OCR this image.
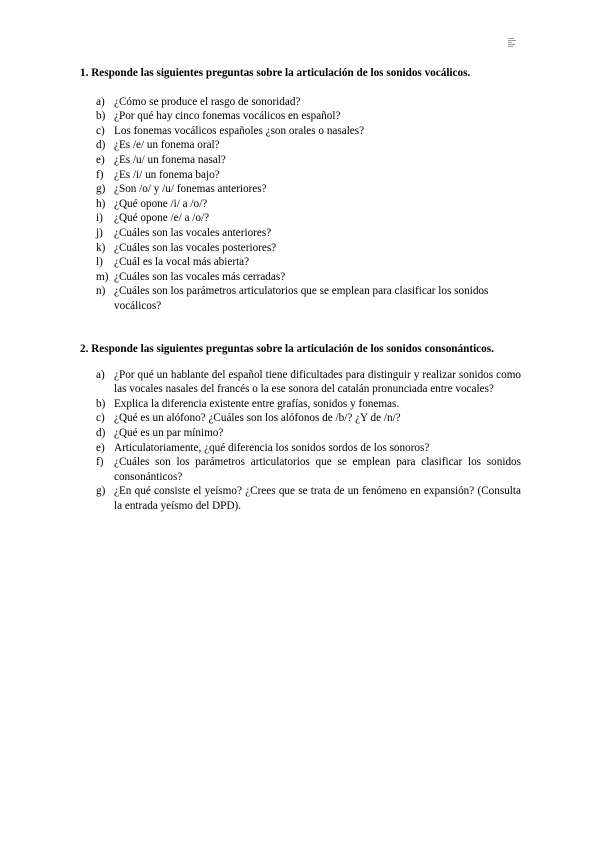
1. Responde las siguientes preguntas sobre la articulación de los sonidos vocálicos.
a) ¿Cómo se produce el rasgo de sonoridad?
b) ¿Por qué hay cinco fonemas vocálicos en español?
c) Los fonemas vocálicos españoles ¿son orales o nasales?
d) ¿Es /e/ un fonema oral?
e) ¿Es /u/ un fonema nasal?
f) ¿Es /i/ un fonema bajo?
g) ¿Son /o/ y /u/ fonemas anteriores?
h) ¿Qué opone /i/ a /o/?
i) ¿Qué opone /e/ a /o/?
j) ¿Cuáles son las vocales anteriores?
k) ¿Cuáles son las vocales posteriores?
l) ¿Cuál es la vocal más abierta?
m) ¿Cuáles son las vocales más cerradas?
n) ¿Cuáles son los parámetros articulatorios que se emplean para clasificar los sonidos vocálicos?
2. Responde las siguientes preguntas sobre la articulación de los sonidos consonánticos.
a) ¿Por qué un hablante del español tiene dificultades para distinguir y realizar sonidos como las vocales nasales del francés o la ese sonora del catalán pronunciada entre vocales?
b) Explica la diferencia existente entre grafías, sonidos y fonemas.
c) ¿Qué es un alófono? ¿Cuáles son los alófonos de /b/? ¿Y de /n/?
d) ¿Qué es un par mínimo?
e) Articulatoriamente, ¿qué diferencia los sonidos sordos de los sonoros?
f) ¿Cuáles son los parámetros articulatorios que se emplean para clasificar los sonidos consonánticos?
g) ¿En qué consiste el yeísmo? ¿Crees que se trata de un fenómeno en expansión? (Consulta la entrada yeísmo del DPD).
